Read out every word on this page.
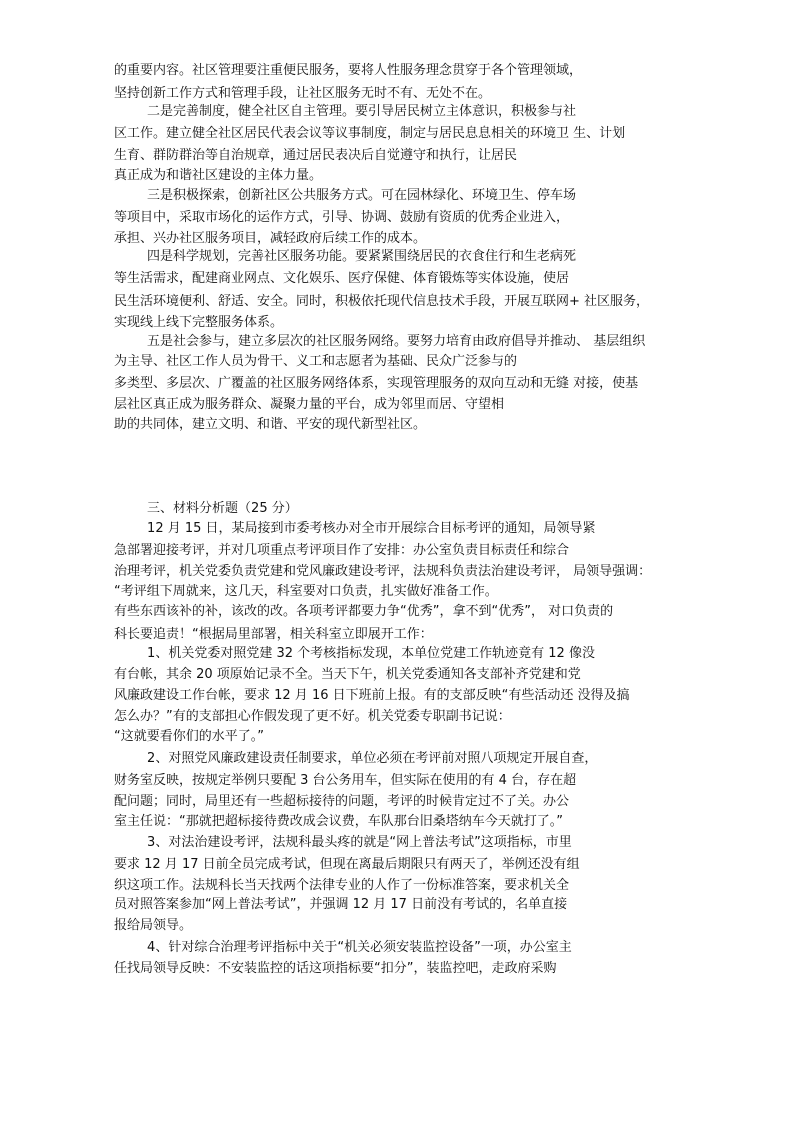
的重要内容。社区管理要注重便民服务，要将人性服务理念贯穿于各个管理领域，
坚持创新工作方式和管理手段，让社区服务无时不有、无处不在。
二是完善制度，健全社区自主管理。要引导居民树立主体意识，积极参与社
区工作。建立健全社区居民代表会议等议事制度，制定与居民息息相关的环境卫 生、计划
生育、群防群治等自治规章，通过居民表决后自觉遵守和执行，让居民
真正成为和谐社区建设的主体力量。
三是积极探索，创新社区公共服务方式。可在园林绿化、环境卫生、停车场
等项目中，采取市场化的运作方式，引导、协调、鼓励有资质的优秀企业进入，
承担、兴办社区服务项目，减轻政府后续工作的成本。
四是科学规划，完善社区服务功能。要紧紧围绕居民的衣食住行和生老病死
等生活需求，配建商业网点、文化娱乐、医疗保健、体育锻炼等实体设施，使居
民生活环境便利、舒适、安全。同时，积极依托现代信息技术手段，开展互联网+ 社区服务，
实现线上线下完整服务体系。
五是社会参与，建立多层次的社区服务网络。要努力培育由政府倡导并推动、 基层组织
为主导、社区工作人员为骨干、义工和志愿者为基础、民众广泛参与的
多类型、多层次、广覆盖的社区服务网络体系，实现管理服务的双向互动和无缝 对接，使基
层社区真正成为服务群众、凝聚力量的平台，成为邻里而居、守望相
助的共同体，建立文明、和谐、平安的现代新型社区。
三、材料分析题（25 分）
12 月 15 日，某局接到市委考核办对全市开展综合目标考评的通知，局领导紧
急部署迎接考评，并对几项重点考评项目作了安排：办公室负责目标责任和综合
治理考评，机关党委负责党建和党风廉政建设考评，法规科负责法治建设考评， 局领导强调：
“考评组下周就来，这几天，科室要对口负责，扎实做好准备工作。
有些东西该补的补，该改的改。各项考评都要力争“优秀”，拿不到“优秀”， 对口负责的
科长要追责！“根据局里部署，相关科室立即展开工作：
1、机关党委对照党建 32 个考核指标发现，本单位党建工作轨迹竟有 12 像没
有台帐，其余 20 项原始记录不全。当天下午，机关党委通知各支部补齐党建和党
风廉政建设工作台帐，要求 12 月 16 日下班前上报。有的支部反映“有些活动还 没得及搞
怎么办？”有的支部担心作假发现了更不好。机关党委专职副书记说：
“这就要看你们的水平了。”
2、对照党风廉政建设责任制要求，单位必须在考评前对照八项规定开展自查，
财务室反映，按规定举例只要配 3 台公务用车，但实际在使用的有 4 台，存在超
配问题；同时，局里还有一些超标接待的问题，考评的时候肯定过不了关。办公
室主任说：“那就把超标接待费改成会议费，车队那台旧桑塔纳车今天就打了。”
3、对法治建设考评，法规科最头疼的就是“网上普法考试”这项指标，市里
要求 12 月 17 日前全员完成考试，但现在离最后期限只有两天了，举例还没有组
织这项工作。法规科长当天找两个法律专业的人作了一份标准答案，要求机关全
员对照答案参加“网上普法考试”，并强调 12 月 17 日前没有考试的，名单直接
报给局领导。
4、针对综合治理考评指标中关于“机关必须安装监控设备”一项，办公室主
任找局领导反映：不安装监控的话这项指标要“扣分”，装监控吧，走政府采购
